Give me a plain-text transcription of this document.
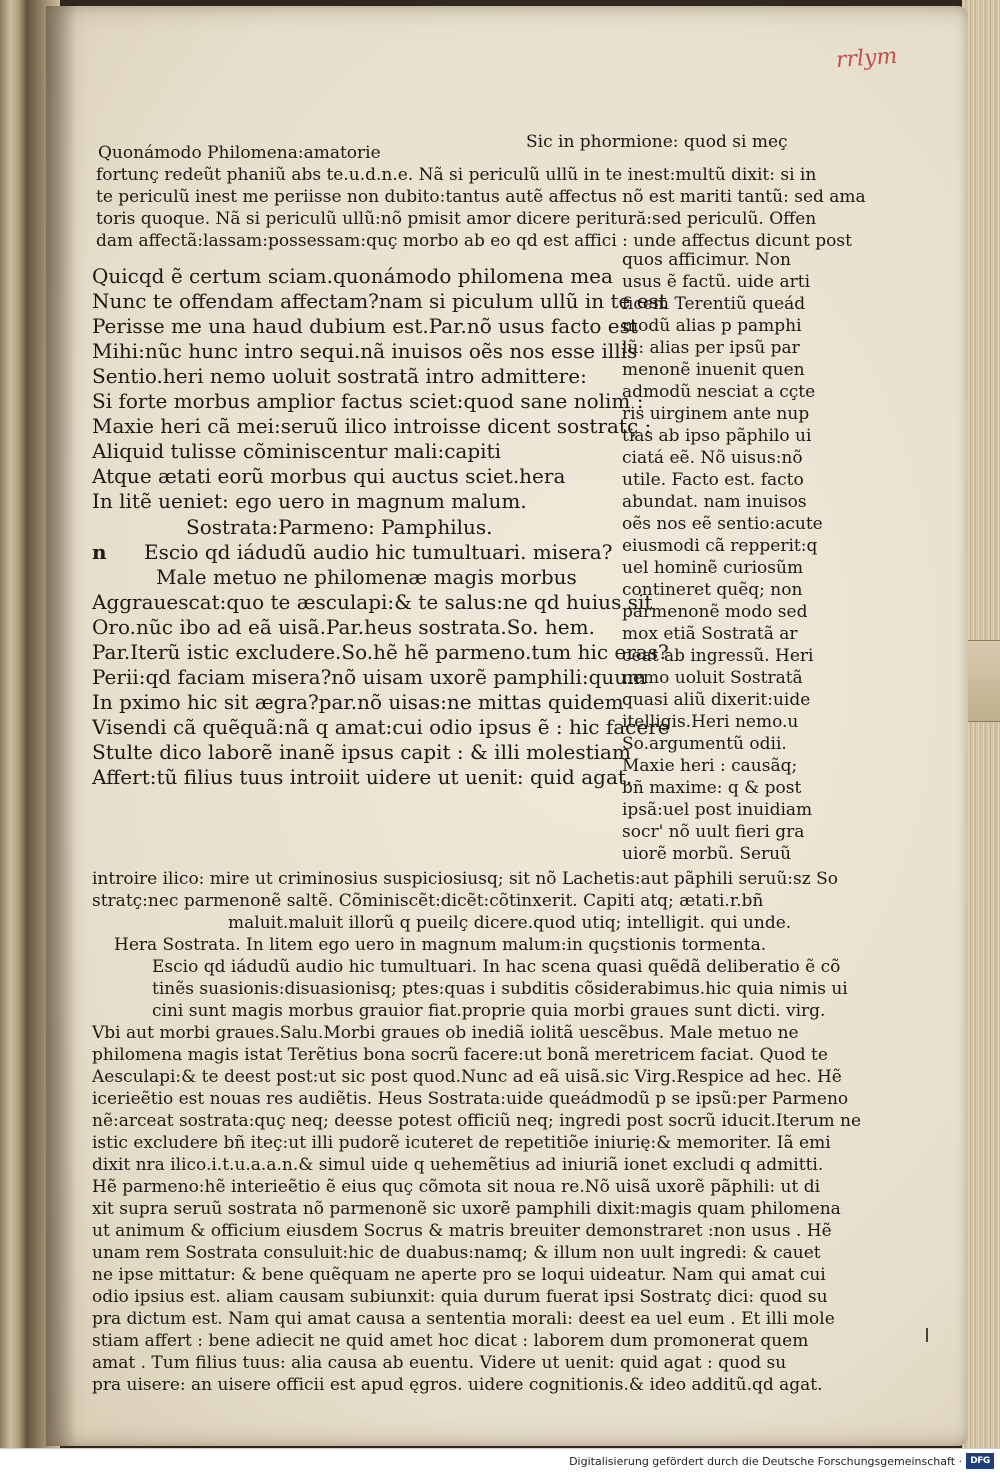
rrlym
Quonámodo Philomena:amatorie
Sic in phormione: quod si meç
fortunç redeũt phaniũ abs te.u.d.n.e. Nã si periculũ ullũ in te inest:multũ dixit: si in
te periculũ inest me periisse non dubito:tantus autẽ affectus nõ est mariti tantũ: sed ama
toris quoque. Nã si periculũ ullũ:nõ pmisit amor dicere peritură:sed periculũ. Offen
dam affectã:lassam:possessam:quç morbo ab eo qd est affici : unde affectus dicunt post
Quicqd ẽ certum sciam.quonámodo philomena mea
Nunc te offendam affectam?nam si piculum ullũ in te est
Perisse me una haud dubium est.Par.nõ usus facto est
Mihi:nũc hunc intro sequi.nã inuisos oẽs nos esse illis
Sentio.heri nemo uoluit sostratã intro admittere:
Si forte morbus amplior factus sciet:quod sane nolim :
Maxie heri cã mei:seruũ ilico introisse dicent sostratç :
Aliquid tulisse cõminiscentur mali:capiti
Atque ætati eorũ morbus qui auctus sciet.hera
In litẽ ueniet: ego uero in magnum malum.
Sostrata:Parmeno: Pamphilus.
n Escio qd iádudũ audio hic tumultuari. misera?
Male metuo ne philomenæ magis morbus
Aggrauescat:quo te æsculapi:& te salus:ne qd huius sit
Oro.nũc ibo ad eã uisã.Par.heus sostrata.So. hem.
Par.Iterũ istic excludere.So.hẽ hẽ parmeno.tum hic eras?
Perii:qd faciam misera?nõ uisam uxorẽ pamphili:quum
In pximo hic sit ægra?par.nõ uisas:ne mittas quidem
Visendi cã quẽquã:nã q amat:cui odio ipsus ẽ : hic facere
Stulte dico laborẽ inanẽ ipsus capit : & illi molestiam
Affert:tũ filius tuus introiit uidere ut uenit: quid agat.
quos afficimur. Non
usus ẽ factũ. uide arti
ficem Terentiũ queád
modũ alias p pamphi
lũ: alias per ipsũ par
menonẽ inuenit quen
admodũ nesciat a cçte
ris uirginem ante nup
tias ab ipso pãphilo ui
ciatá eẽ. Nõ uisus:nõ
utile. Facto est. facto
abundat. nam inuisos
oẽs nos eẽ sentio:acute
eiusmodi cã repperit:q
uel hominẽ curiosũm
contineret quẽq; non
parmenonẽ modo sed
mox etiã Sostratã ar
ceat ab ingressũ. Heri
nemo uoluit Sostratã
quasi aliũ dixerit:uide
itelligis.Heri nemo.u
So.argumentũ odii.
Maxie heri : causãq;
bñ maxime: q & post
ipsã:uel post inuidiam
socr' nõ uult fieri gra
uiorẽ morbũ. Seruũ
introire ilico: mire ut criminosius suspiciosiusq; sit nõ Lachetis:aut pãphili seruũ:sz So
stratç:nec parmenonẽ saltẽ. Cõminiscẽt:dicẽt:cõtinxerit. Capiti atq; ætati.r.bñ
maluit.maluit illorũ q pueilç dicere.quod utiq; intelligit. qui unde.
Hera Sostrata. In litem ego uero in magnum malum:in quçstionis tormenta.
Escio qd iádudũ audio hic tumultuari. In hac scena quasi quẽdã deliberatio ẽ cõ
tinẽs suasionis:disuasionisq; ptes:quas i subditis cõsiderabimus.hic quia nimis ui
cini sunt magis morbus grauior fiat.proprie quia morbi graues sunt dicti. virg.
Vbi aut morbi graues.Salu.Morbi graues ob inediã iolitã uescẽbus. Male metuo ne
philomena magis istat Terẽtius bona socrũ facere:ut bonã meretricem faciat. Quod te
Aesculapi:& te deest post:ut sic post quod.Nunc ad eã uisã.sic Virg.Respice ad hec. Hẽ
icerieẽtio est nouas res audiẽtis. Heus Sostrata:uide queádmodũ p se ipsũ:per Parmeno
nẽ:arceat sostrata:quç neq; deesse potest officiũ neq; ingredi post socrũ iducit.Iterum ne
istic excludere bñ iteç:ut illi pudorẽ icuteret de repetitiõe iniurię:& memoriter. Iã emi
dixit nra ilico.i.t.u.a.a.n.& simul uide q uehemẽtius ad iniuriã ionet excludi q admitti.
Hẽ parmeno:hẽ interieẽtio ẽ eius quç cõmota sit noua re.Nõ uisã uxorẽ pãphili: ut di
xit supra seruũ sostrata nõ parmenonẽ sic uxorẽ pamphili dixit:magis quam philomena
ut animum & officium eiusdem Socrus & matris breuiter demonstraret :non usus . Hẽ
unam rem Sostrata consuluit:hic de duabus:namq; & illum non uult ingredi: & cauet
ne ipse mittatur: & bene quẽquam ne aperte pro se loqui uideatur. Nam qui amat cui
odio ipsius est. aliam causam subiunxit: quia durum fuerat ipsi Sostratç dici: quod su
pra dictum est. Nam qui amat causa a sententia morali: deest ea uel eum . Et illi mole
stiam affert : bene adiecit ne quid amet hoc dicat : laborem dum promonerat quem
amat . Tum filius tuus: alia causa ab euentu. Videre ut uenit: quid agat : quod su
pra uisere: an uisere officii est apud ęgros. uidere cognitionis.& ideo additũ.qd agat.
Digitalisierung gefördert durch die Deutsche Forschungsgemeinschaft · DFG
